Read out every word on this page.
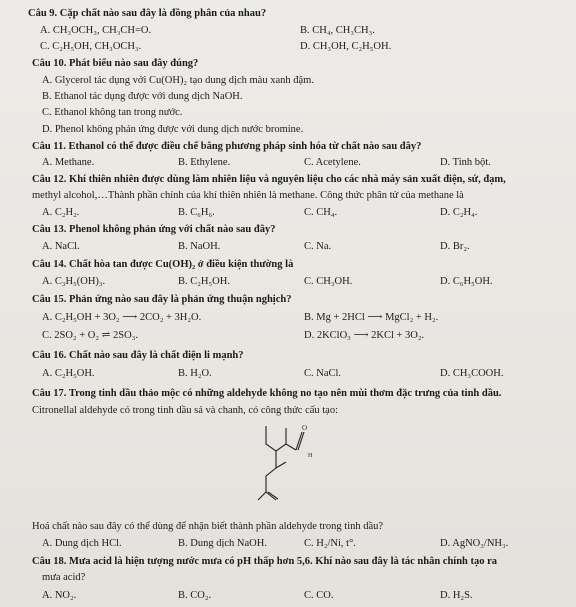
Câu 9. Cặp chất nào sau đây là đồng phân của nhau?
A. CH₃OCH₃, CH₃CH=O.	B. CH₄, CH₃CH₃.
C. C₂H₅OH, CH₃OCH₃.	D. CH₃OH, C₂H₅OH.
Câu 10. Phát biểu nào sau đây đúng?
A. Glycerol tác dụng với Cu(OH)₂ tạo dung dịch màu xanh đậm.
B. Ethanol tác dụng được với dung dịch NaOH.
C. Ethanol không tan trong nước.
D. Phenol không phản ứng được với dung dịch nước bromine.
Câu 11. Ethanol có thể được điều chế bằng phương pháp sinh hóa từ chất nào sau đây?
A. Methane.	B. Ethylene.	C. Acetylene.	D. Tinh bột.
Câu 12. Khí thiên nhiên được dùng làm nhiên liệu và nguyên liệu cho các nhà máy sản xuất điện, sứ, đạm,
methyl alcohol,…Thành phần chính của khí thiên nhiên là methane. Công thức phân tử của methane là
A. C₂H₂.	B. C₆H₆.	C. CH₄.	D. C₂H₄.
Câu 13. Phenol không phản ứng với chất nào sau đây?
A. NaCl.	B. NaOH.	C. Na.	D. Br₂.
Câu 14. Chất hòa tan được Cu(OH)₂ ở điều kiện thường là
A. C₃H₅(OH)₃.	B. C₂H₅OH.	C. CH₃OH.	D. C₆H₅OH.
Câu 15. Phản ứng nào sau đây là phản ứng thuận nghịch?
A. C₂H₅OH + 3O₂ ⟶ 2CO₂ + 3H₂O.	B. Mg + 2HCl ⟶ MgCl₂ + H₂.
C. 2SO₂ + O₂ ⇌ 2SO₃.	D. 2KClO₃ ⟶ 2KCl + 3O₂.
Câu 16. Chất nào sau đây là chất điện li mạnh?
A. C₂H₅OH.	B. H₂O.	C. NaCl.	D. CH₃COOH.
Câu 17. Trong tinh dầu thảo mộc có những aldehyde không no tạo nên mùi thơm đặc trưng của tinh dầu.
Citronellal aldehyde có trong tinh dầu sả và chanh, có công thức cấu tạo:
O
H
Hoá chất nào sau đây có thể dùng để nhận biết thành phần aldehyde trong tinh dầu?
A. Dung dịch HCl.	B. Dung dịch NaOH.	C. H₂/Ni, t°.	D. AgNO₃/NH₃.
Câu 18. Mưa acid là hiện tượng nước mưa có pH thấp hơn 5,6. Khí nào sau đây là tác nhân chính tạo ra
mưa acid?
A. NO₂.	B. CO₂.	C. CO.	D. H₂S.
